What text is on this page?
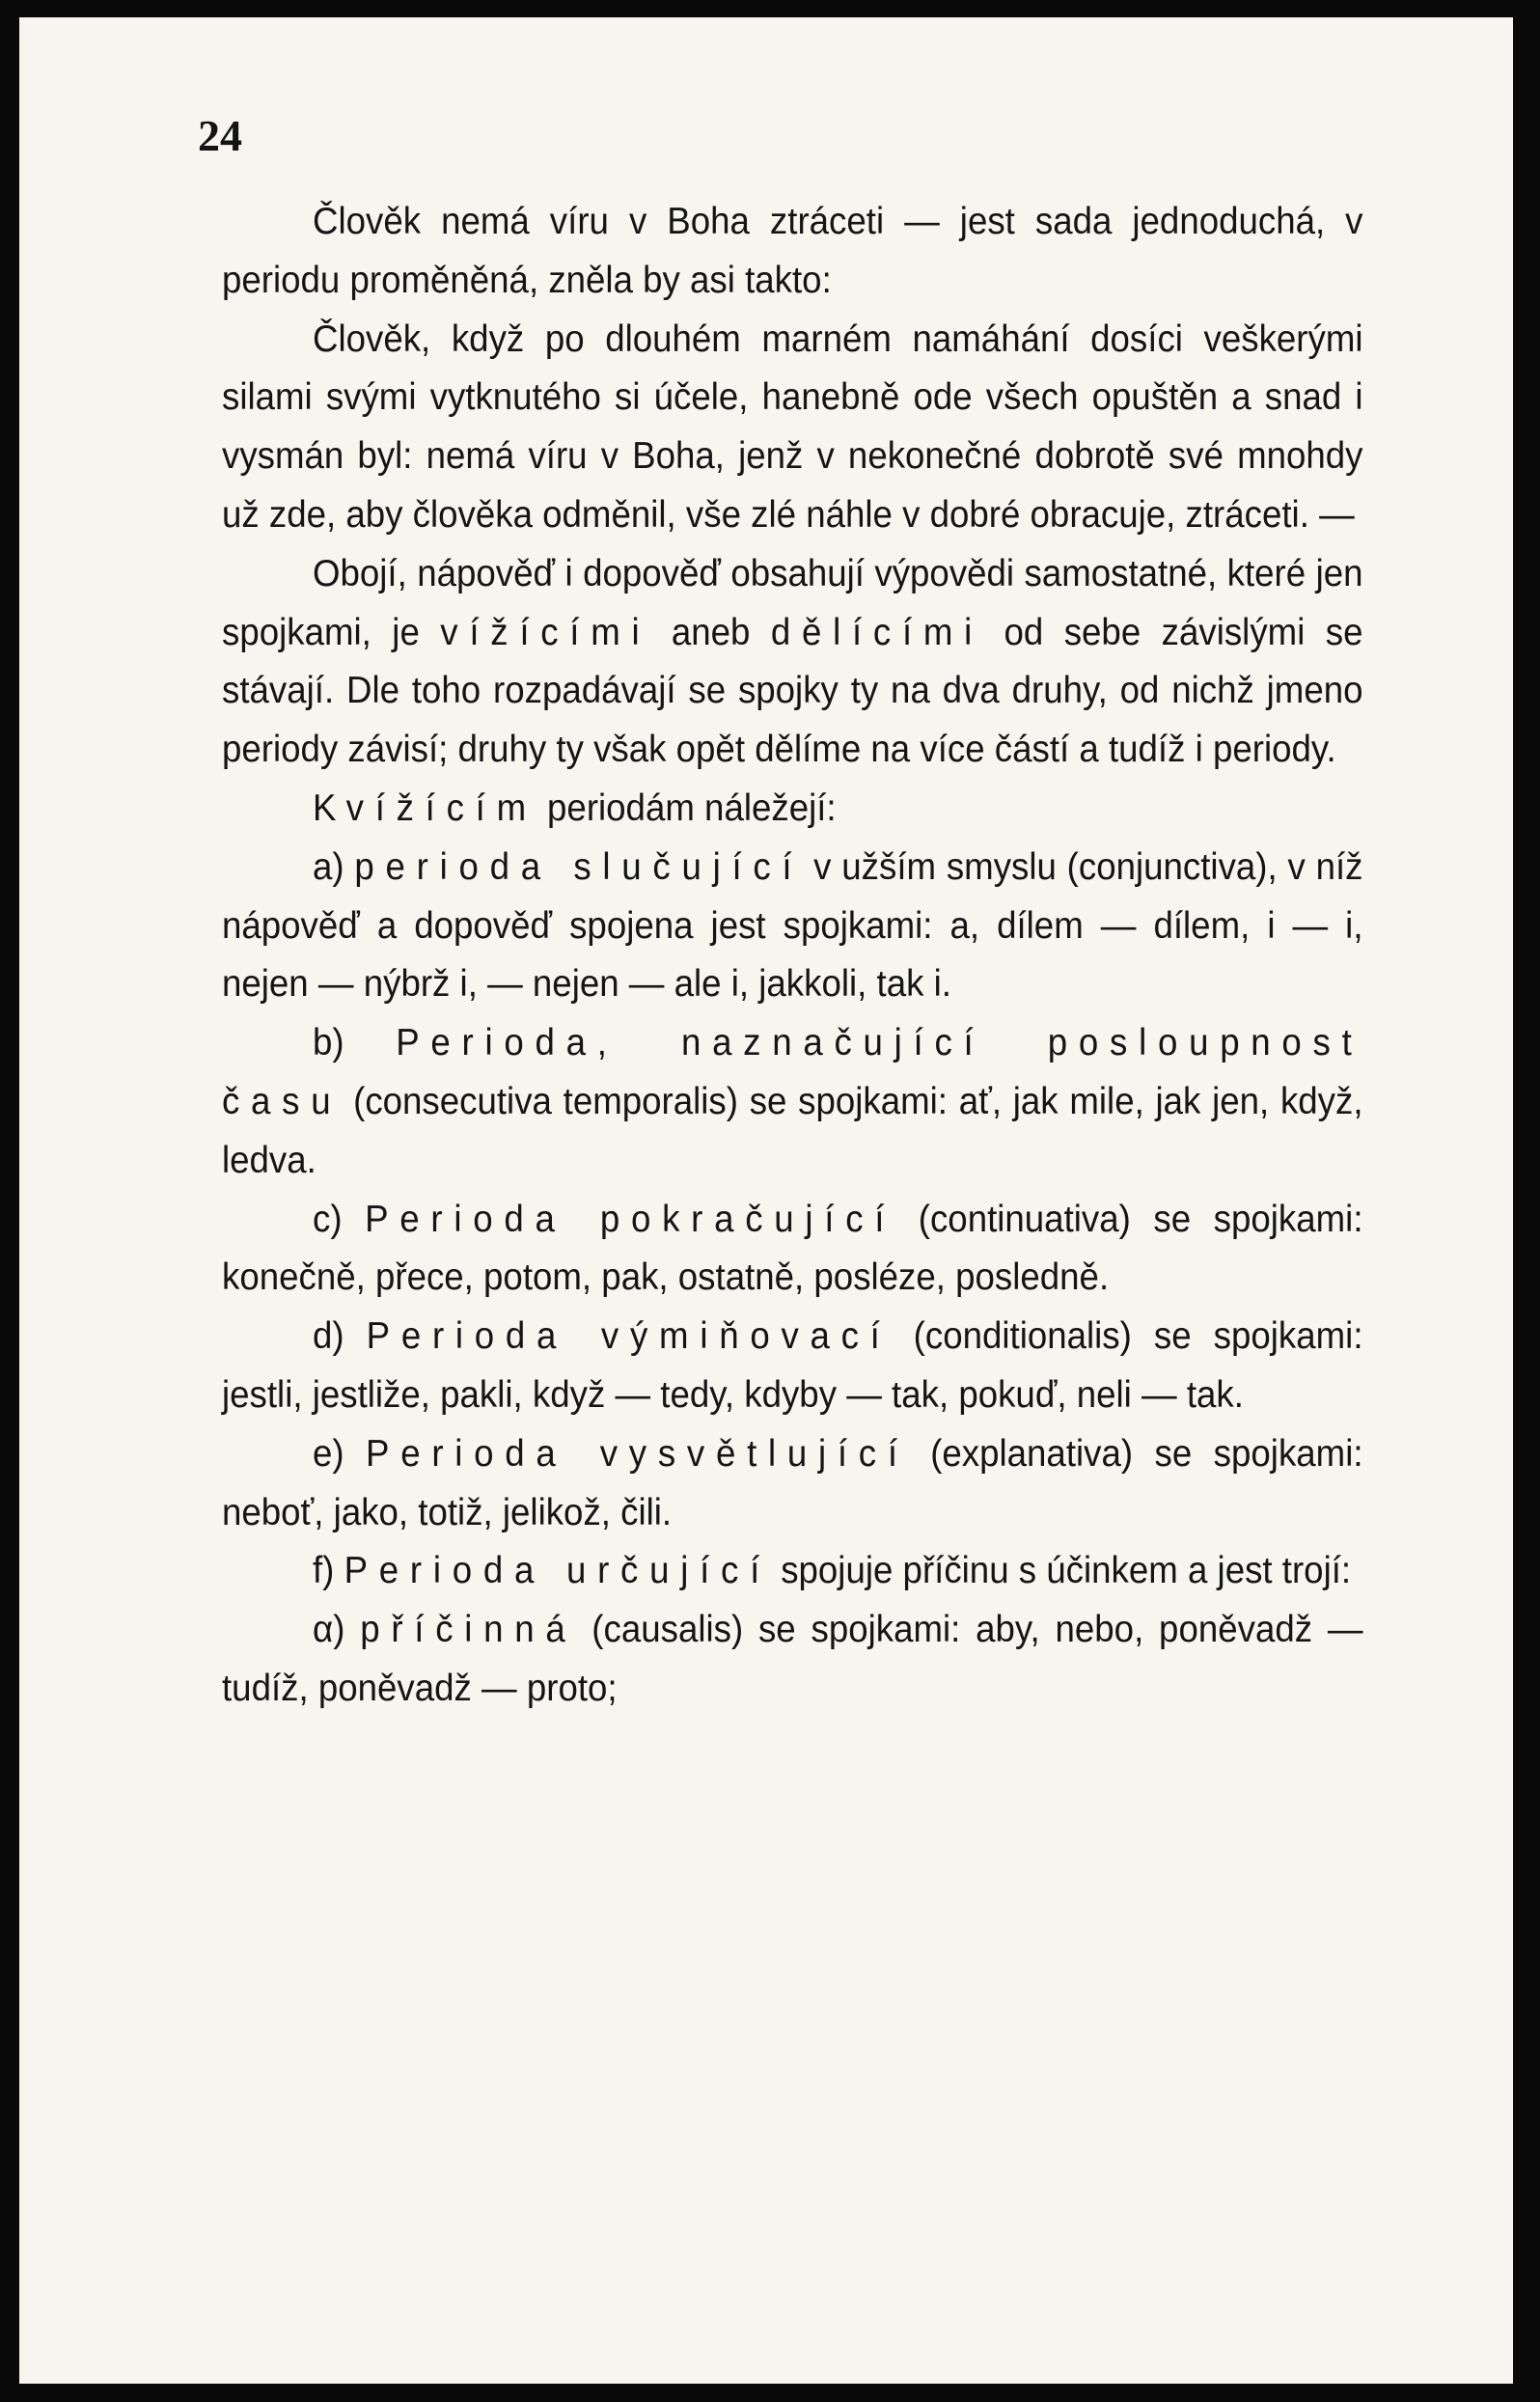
24

Člověk nemá víru v Boha ztráceti — jest sada jednoduchá, v periodu proměněná, zněla by asi takto:

Člověk, když po dlouhém marném namáhání dosíci veškerými silami svými vytknutého si účele, hanebně ode všech opuštěn a snad i vysmán byl: nemá víru v Boha, jenž v nekonečné dobrotě své mnohdy už zde, aby člověka odměnil, vše zlé náhle v dobré obracuje, ztráceti. —

Obojí, nápověď i dopověď obsahují výpovědi samostatné, které jen spojkami, je vížícími aneb dělícími od sebe závislými se stávají. Dle toho rozpadávají se spojky ty na dva druhy, od nichž jmeno periody závisí; druhy ty však opět dělíme na více částí a tudíž i periody.

K vížícím periodám náležejí:

a) perioda slučující v užším smyslu (conjunctiva), v níž nápověď a dopověď spojena jest spojkami: a, dílem — dílem, i — i, nejen — nýbrž i, — nejen — ale i, jakkoli, tak i.

b) Perioda, naznačující posloupnost času (consecutiva temporalis) se spojkami: ať, jak mile, jak jen, když, ledva.

c) Perioda pokračující (continuativa) se spojkami: konečně, přece, potom, pak, ostatně, posléze, posledně.

d) Perioda výmiňovací (conditionalis) se spojkami: jestli, jestliže, pakli, když — tedy, kdyby — tak, pokuď, neli — tak.

e) Perioda vysvětlující (explanativa) se spojkami: neboť, jako, totiž, jelikož, čili.

f) Perioda určující spojuje příčinu s účinkem a jest trojí:

α) příčinná (causalis) se spojkami: aby, nebo, poněvadž — tudíž, poněvadž — proto;
